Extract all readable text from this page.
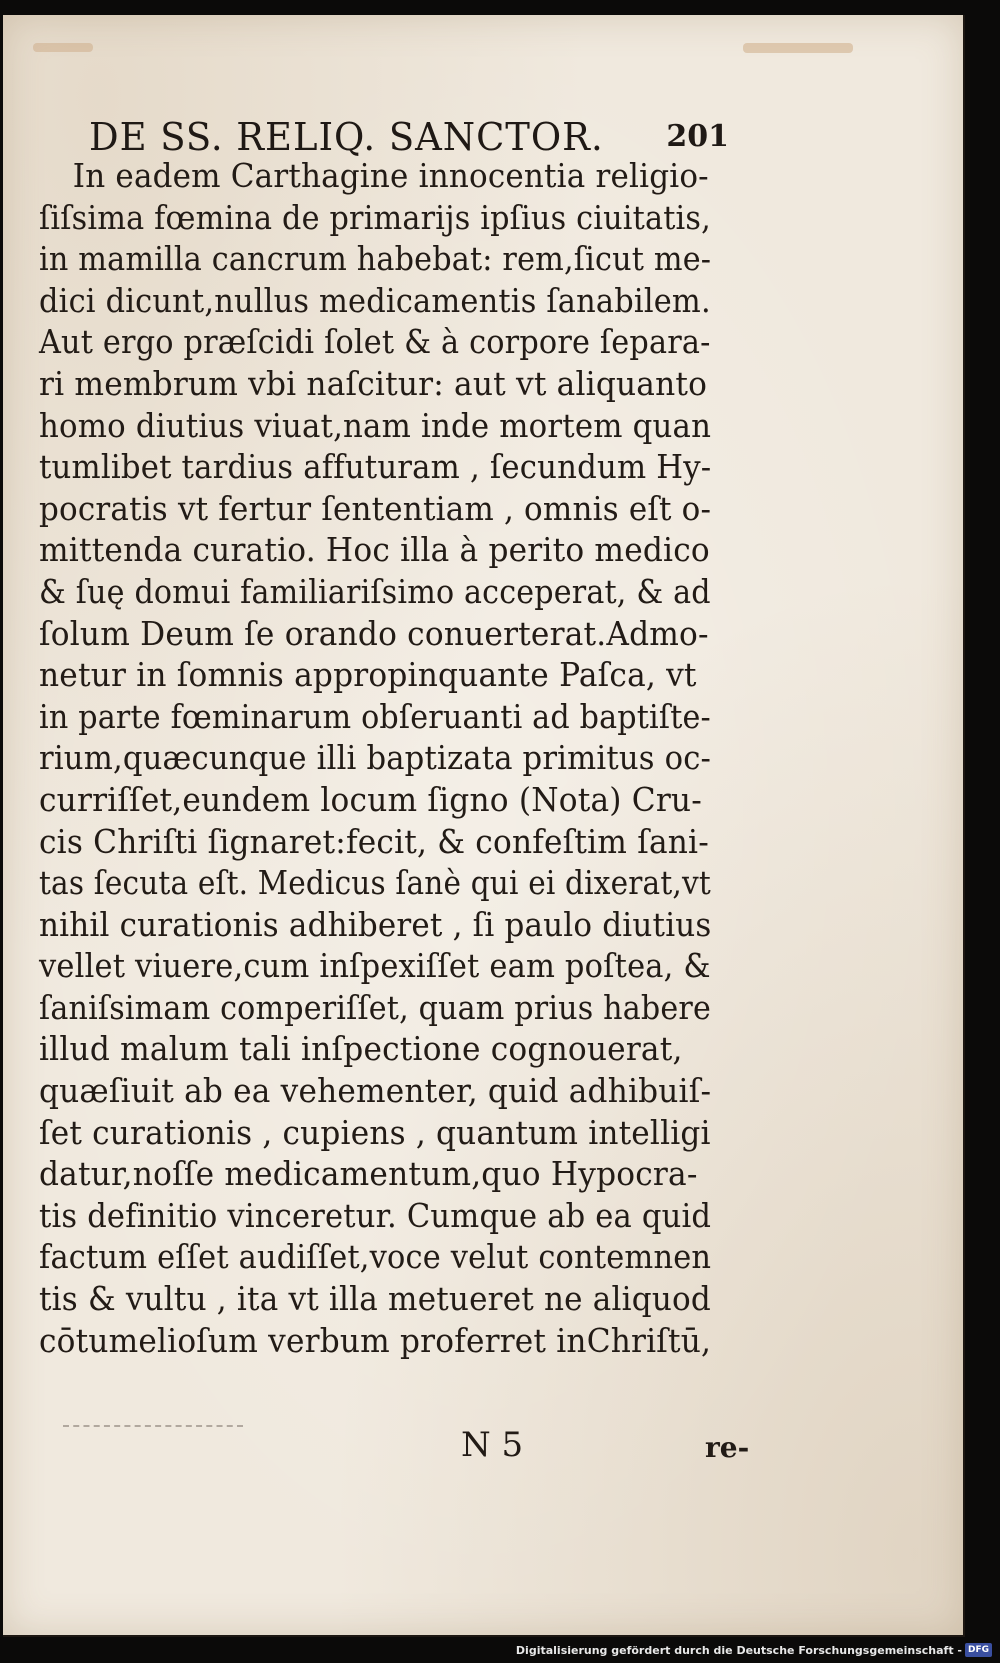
DE SS. RELIQ. SANCTOR. 201
In eadem Carthagine innocentia religio-
ſiſsima fœmina de primarijs ipſius ciuitatis,
in mamilla cancrum habebat: rem,ſicut me-
dici dicunt,nullus medicamentis ſanabilem.
Aut ergo præſcidi ſolet & à corpore ſepara-
ri membrum vbi naſcitur: aut vt aliquanto
homo diutius viuat,nam inde mortem quan
tumlibet tardius affuturam , ſecundum Hy-
pocratis vt fertur ſententiam , omnis eſt o-
mittenda curatio. Hoc illa à perito medico
& ſuę domui familiariſsimo acceperat, & ad
ſolum Deum ſe orando conuerterat.Admo-
netur in ſomnis appropinquante Paſca, vt
in parte fœminarum obſeruanti ad baptiſte-
rium,quæcunque illi baptizata primitus oc-
curriſſet,eundem locum ſigno (Nota) Cru-
cis Chriſti ſignaret:fecit, & confeſtim ſani-
tas ſecuta eſt. Medicus ſanè qui ei dixerat,vt
nihil curationis adhiberet , ſi paulo diutius
vellet viuere,cum inſpexiſſet eam poſtea, &
ſaniſsimam comperiſſet, quam prius habere
illud malum tali inſpectione cognouerat,
quæſiuit ab ea vehementer, quid adhibuiſ-
ſet curationis , cupiens , quantum intelligi
datur,noſſe medicamentum,quo Hypocra-
tis definitio vinceretur. Cumque ab ea quid
factum eſſet audiſſet,voce velut contemnen
tis & vultu , ita vt illa metueret ne aliquod
cōtumelioſum verbum proferret inChriſtū,
N 5	re-
Digitalisierung gefördert durch die Deutsche Forschungsgemeinschaft - DFG
